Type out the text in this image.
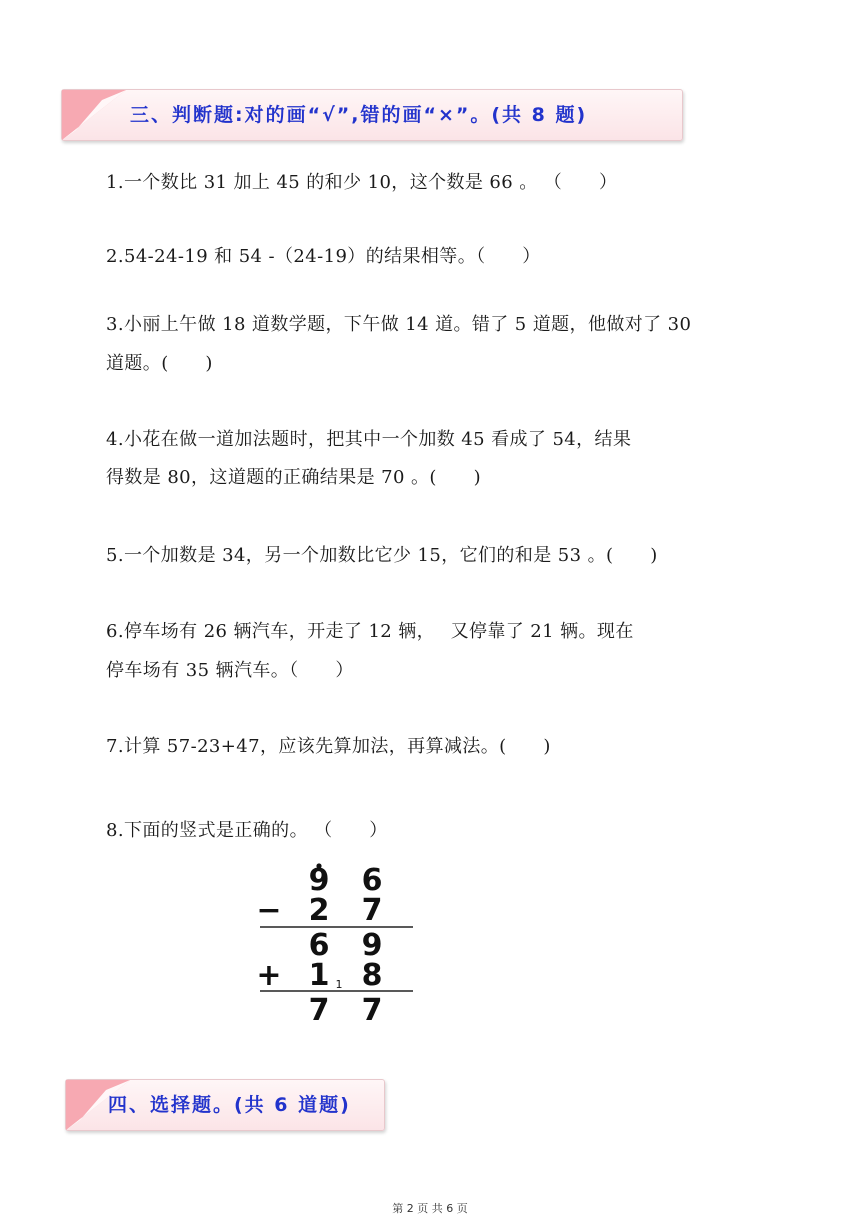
三、判断题:对的画“√”,错的画“×”。(共 8 题)
1.一个数比 31 加上 45 的和少 10，这个数是 66 。 （　　）
2.54-24-19 和 54 -（24-19）的结果相等。（　　）
3.小丽上午做 18 道数学题，下午做 14 道。错了 5 道题，他做对了 30
道题。(　　)
4.小花在做一道加法题时，把其中一个加数 45 看成了 54，结果
得数是 80，这道题的正确结果是 70 。(　　)
5.一个加数是 34，另一个加数比它少 15，它们的和是 53 。(　　)
6.停车场有 26 辆汽车，开走了 12 辆，　 又停靠了 21 辆。现在
停车场有 35 辆汽车。（　　）
7.计算 57-23+47，应该先算加法，再算减法。(　　)
8.下面的竖式是正确的。 （　　）
9 6
− 2 7
6 9
+ 1 1 8
7 7
四、选择题。(共 6 道题)
第 2 页 共 6 页
